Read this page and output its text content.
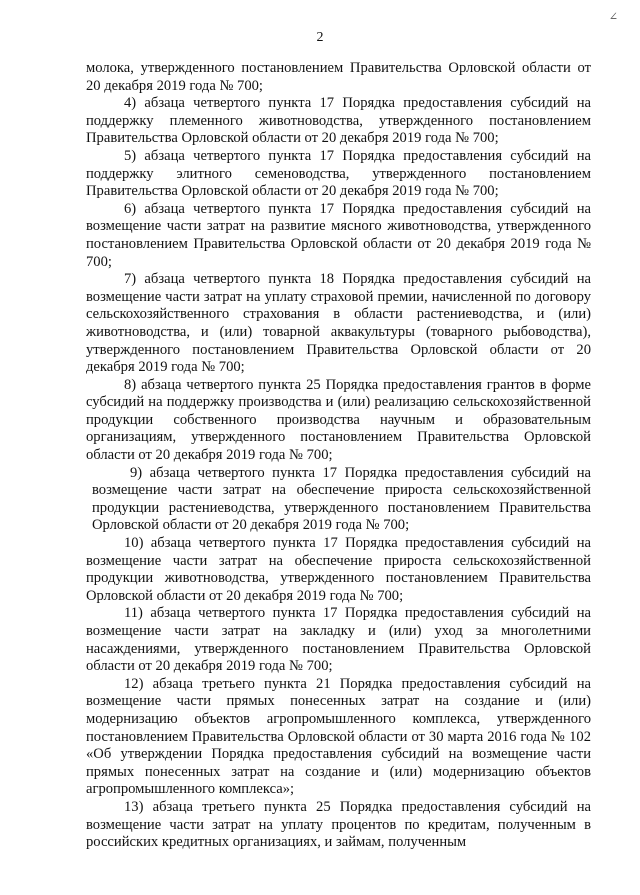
∠
2

молока, утвержденного постановлением Правительства Орловской области от 20 декабря 2019 года № 700;

4) абзаца четвертого пункта 17 Порядка предоставления субсидий на поддержку племенного животноводства, утвержденного постановлением Правительства Орловской области от 20 декабря 2019 года № 700;

5) абзаца четвертого пункта 17 Порядка предоставления субсидий на поддержку элитного семеноводства, утвержденного постановлением Правительства Орловской области от 20 декабря 2019 года № 700;

6) абзаца четвертого пункта 17 Порядка предоставления субсидий на возмещение части затрат на развитие мясного животноводства, утвержденного постановлением Правительства Орловской области от 20 декабря 2019 года № 700;

7) абзаца четвертого пункта 18 Порядка предоставления субсидий на возмещение части затрат на уплату страховой премии, начисленной по договору сельскохозяйственного страхования в области растениеводства, и (или) животноводства, и (или) товарной аквакультуры (товарного рыбоводства), утвержденного постановлением Правительства Орловской области от 20 декабря 2019 года № 700;

8) абзаца четвертого пункта 25 Порядка предоставления грантов в форме субсидий на поддержку производства и (или) реализацию сельскохозяйственной продукции собственного производства научным и образовательным организациям, утвержденного постановлением Правительства Орловской области от 20 декабря 2019 года № 700;

9) абзаца четвертого пункта 17 Порядка предоставления субсидий на возмещение части затрат на обеспечение прироста сельскохозяйственной продукции растениеводства, утвержденного постановлением Правительства Орловской области от 20 декабря 2019 года № 700;

10) абзаца четвертого пункта 17 Порядка предоставления субсидий на возмещение части затрат на обеспечение прироста сельскохозяйственной продукции животноводства, утвержденного постановлением Правительства Орловской области от 20 декабря 2019 года № 700;

11) абзаца четвертого пункта 17 Порядка предоставления субсидий на возмещение части затрат на закладку и (или) уход за многолетними насаждениями, утвержденного постановлением Правительства Орловской области от 20 декабря 2019 года № 700;

12) абзаца третьего пункта 21 Порядка предоставления субсидий на возмещение части прямых понесенных затрат на создание и (или) модернизацию объектов агропромышленного комплекса, утвержденного постановлением Правительства Орловской области от 30 марта 2016 года № 102 «Об утверждении Порядка предоставления субсидий на возмещение части прямых понесенных затрат на создание и (или) модернизацию объектов агропромышленного комплекса»;

13) абзаца третьего пункта 25 Порядка предоставления субсидий на возмещение части затрат на уплату процентов по кредитам, полученным в российских кредитных организациях, и займам, полученным
